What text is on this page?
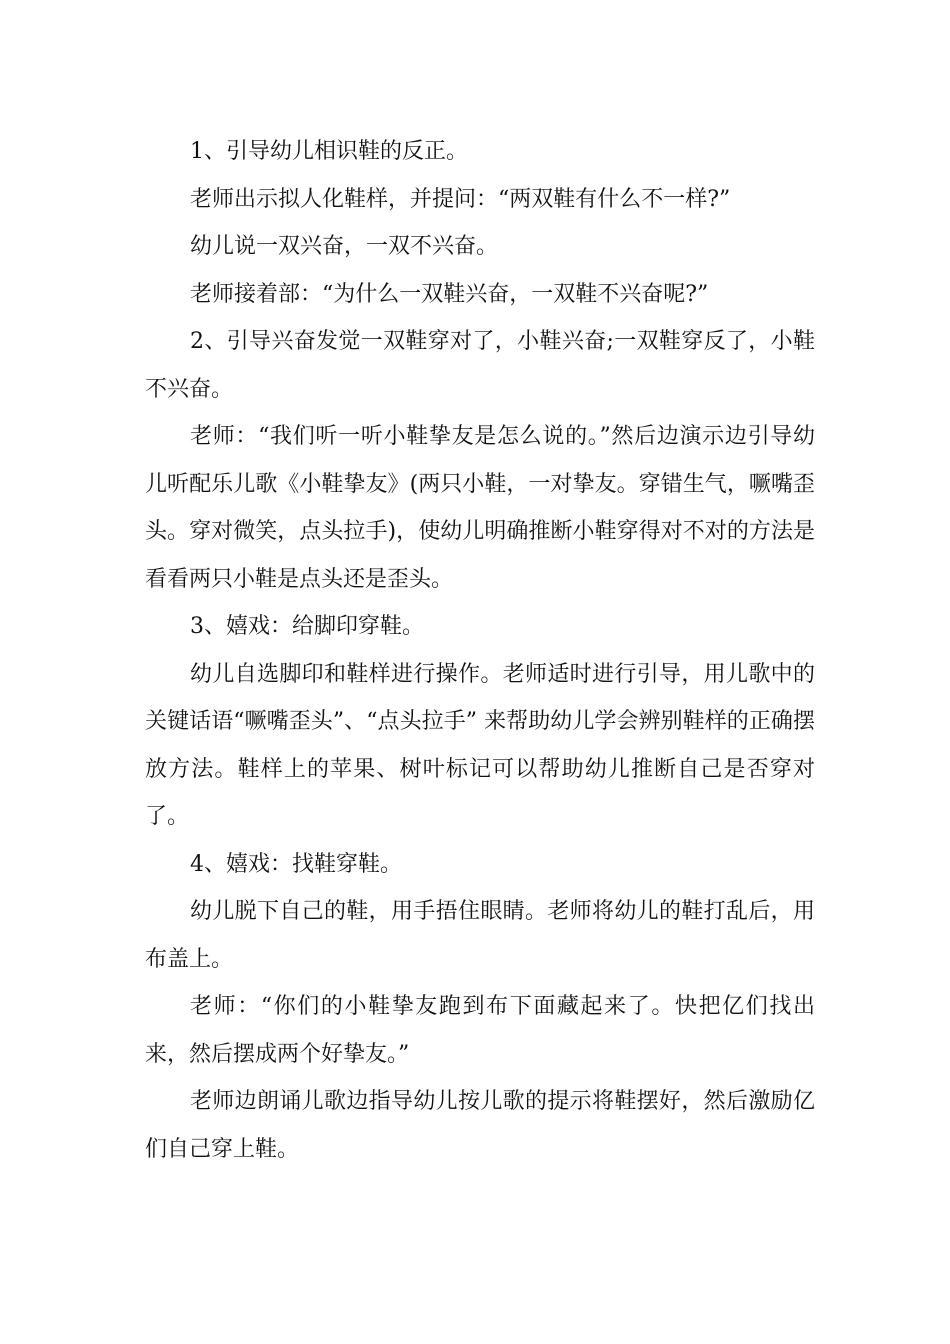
1、引导幼儿相识鞋的反正。

老师出示拟人化鞋样，并提问：“两双鞋有什么不一样?”

幼儿说一双兴奋，一双不兴奋。

老师接着部：“为什么一双鞋兴奋，一双鞋不兴奋呢?”

2、引导兴奋发觉一双鞋穿对了，小鞋兴奋;一双鞋穿反了，小鞋不兴奋。

老师：“我们听一听小鞋挚友是怎么说的。”然后边演示边引导幼儿听配乐儿歌《小鞋挚友》(两只小鞋，一对挚友。穿错生气，噘嘴歪头。穿对微笑，点头拉手)，使幼儿明确推断小鞋穿得对不对的方法是看看两只小鞋是点头还是歪头。

3、嬉戏：给脚印穿鞋。

幼儿自选脚印和鞋样进行操作。老师适时进行引导，用儿歌中的关键话语“噘嘴歪头”、“点头拉手” 来帮助幼儿学会辨别鞋样的正确摆放方法。鞋样上的苹果、树叶标记可以帮助幼儿推断自己是否穿对了。

4、嬉戏：找鞋穿鞋。

幼儿脱下自己的鞋，用手捂住眼睛。老师将幼儿的鞋打乱后，用布盖上。

老师：“你们的小鞋挚友跑到布下面藏起来了。快把亿们找出来，然后摆成两个好挚友。”

老师边朗诵儿歌边指导幼儿按儿歌的提示将鞋摆好，然后激励亿们自己穿上鞋。
